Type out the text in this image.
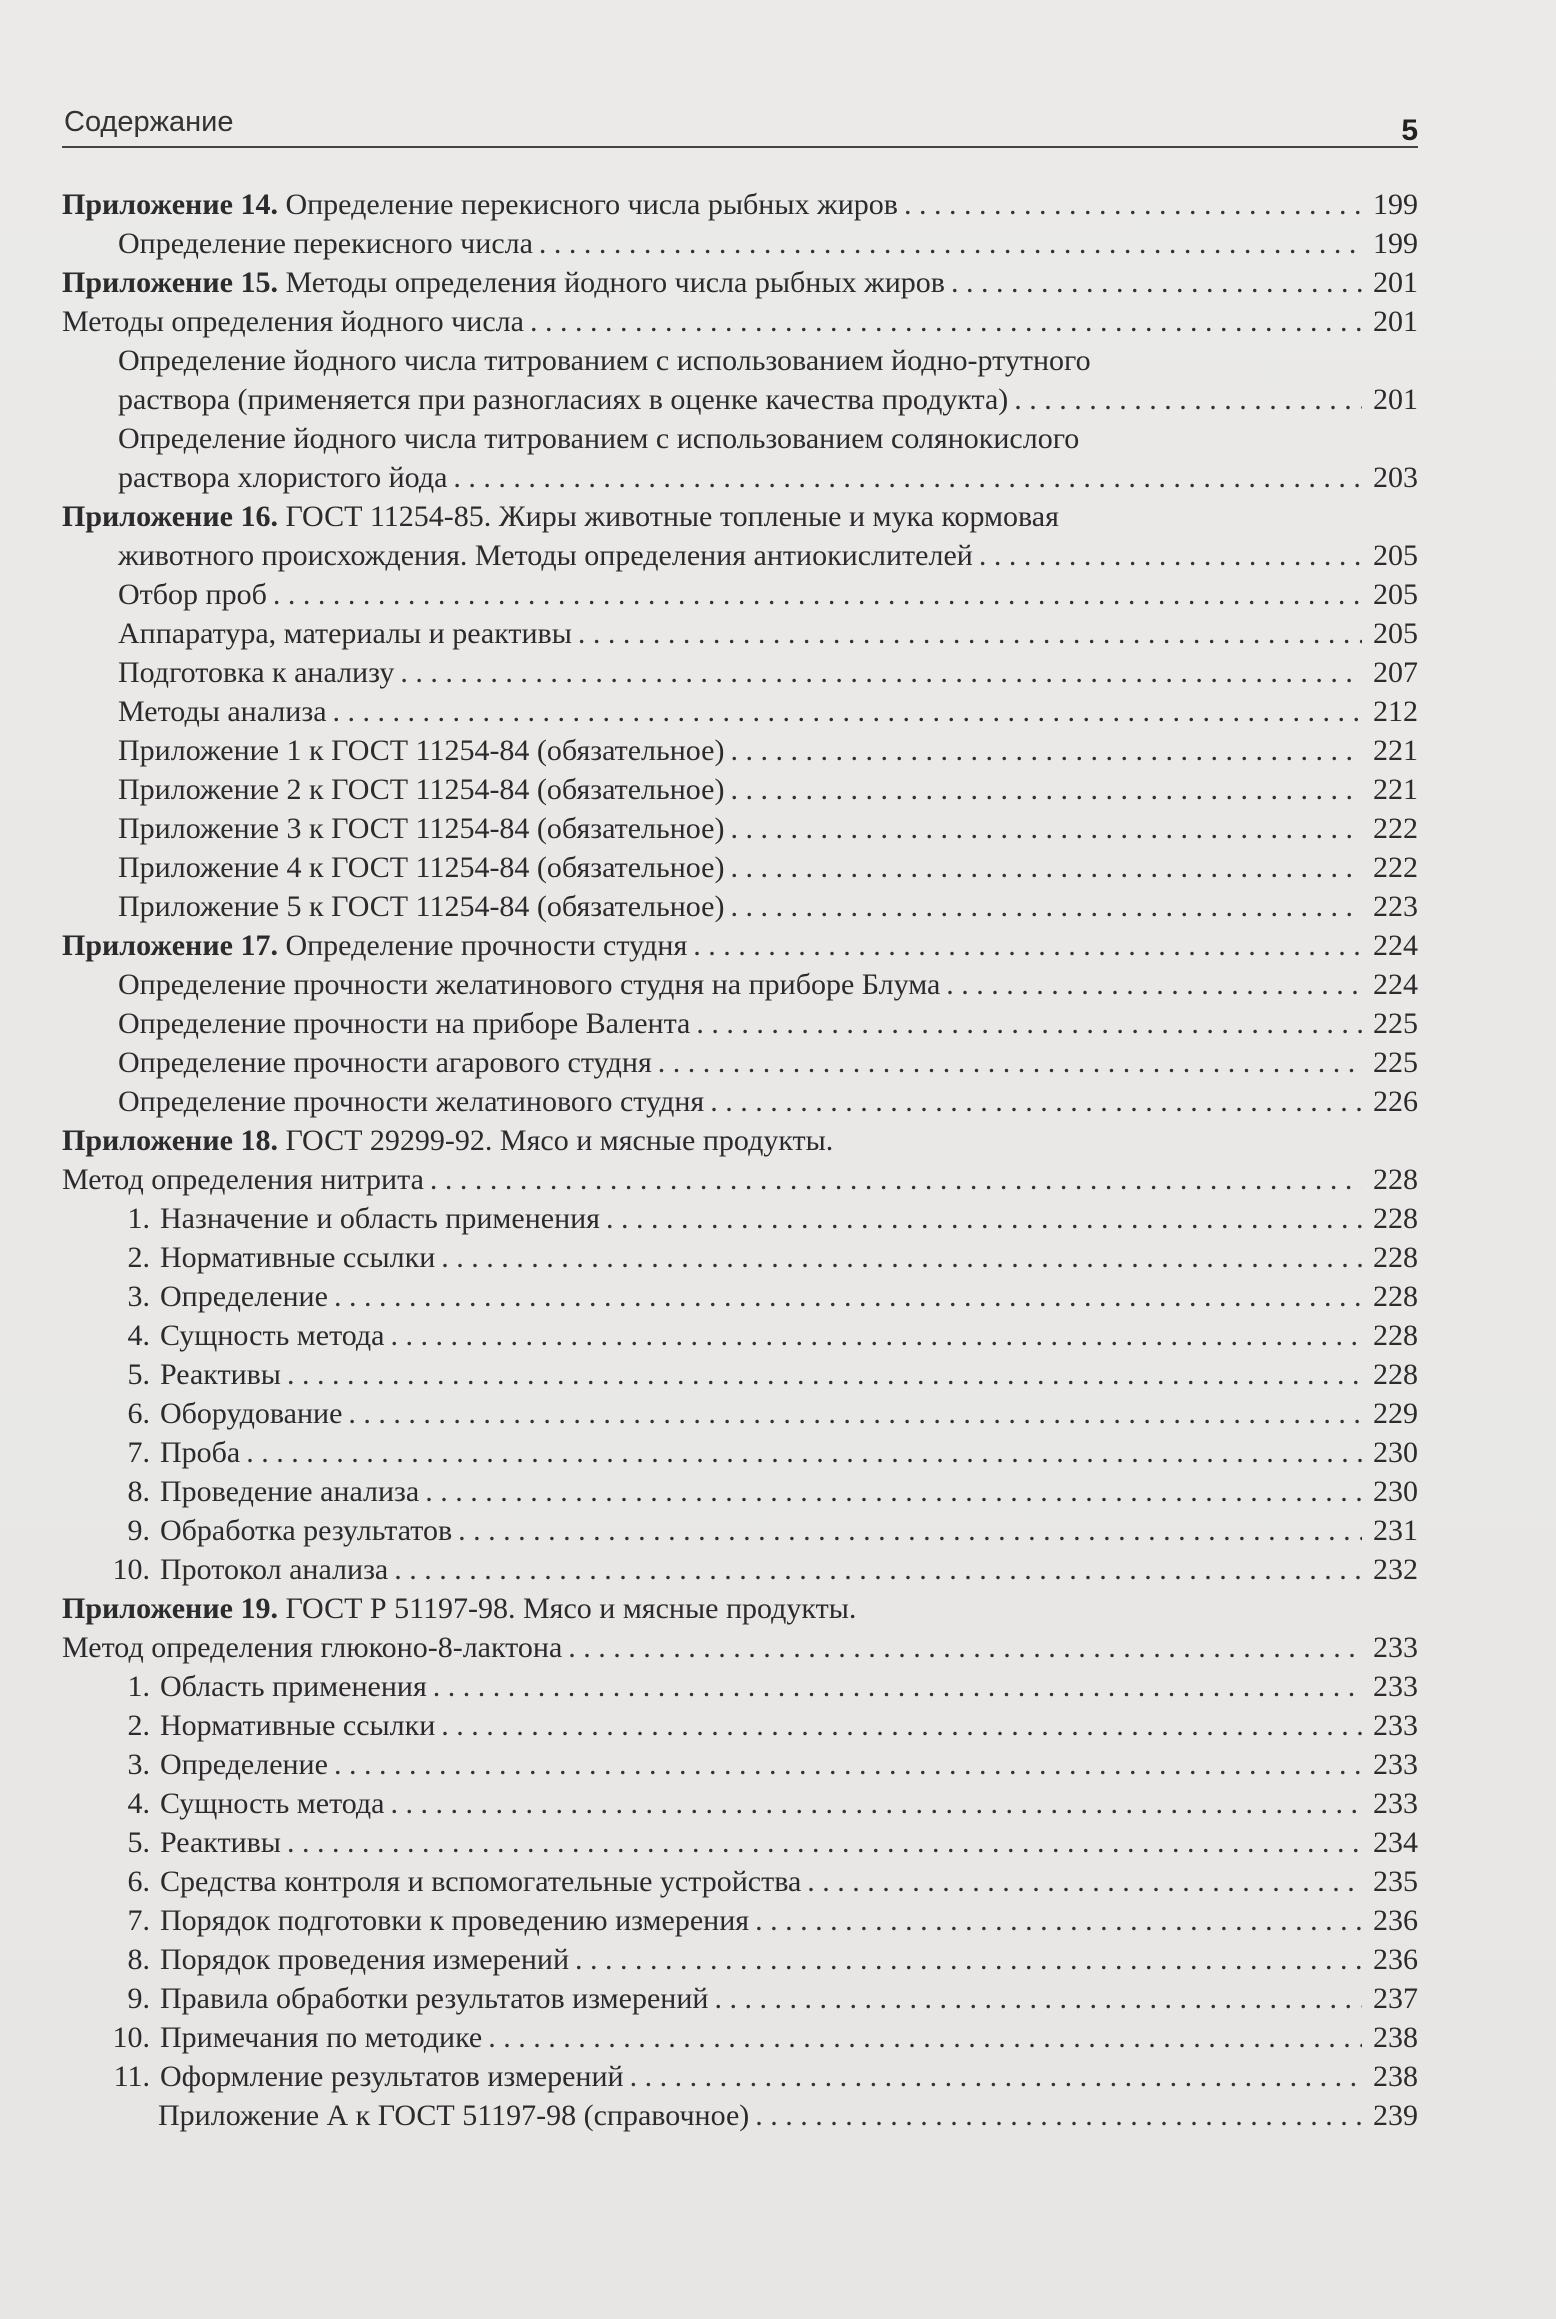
Содержание	5
Приложение 14. Определение перекисного числа рыбных жиров . . .	199
Определение перекисного числа . . .	199
Приложение 15. Методы определения йодного числа рыбных жиров . . .	201
Методы определения йодного числа . . .	201
Определение йодного числа титрованием с использованием йодно-ртутного
раствора (применяется при разногласиях в оценке качества продукта) . . .	201
Определение йодного числа титрованием с использованием солянокислого
раствора хлористого йода . . .	203
Приложение 16. ГОСТ 11254-85. Жиры животные топленые и мука кормовая
животного происхождения. Методы определения антиокислителей . . .	205
Отбор проб . . .	205
Аппаратура, материалы и реактивы . . .	205
Подготовка к анализу . . .	207
Методы анализа . . .	212
Приложение 1 к ГОСТ 11254-84 (обязательное) . . .	221
Приложение 2 к ГОСТ 11254-84 (обязательное) . . .	221
Приложение 3 к ГОСТ 11254-84 (обязательное) . . .	222
Приложение 4 к ГОСТ 11254-84 (обязательное) . . .	222
Приложение 5 к ГОСТ 11254-84 (обязательное) . . .	223
Приложение 17. Определение прочности студня . . .	224
Определение прочности желатинового студня на приборе Блума . . .	224
Определение прочности на приборе Валента . . .	225
Определение прочности агарового студня . . .	225
Определение прочности желатинового студня . . .	226
Приложение 18. ГОСТ 29299-92. Мясо и мясные продукты.
Метод определения нитрита . . .	228
1. Назначение и область применения . . .	228
2. Нормативные ссылки . . .	228
3. Определение . . .	228
4. Сущность метода . . .	228
5. Реактивы . . .	228
6. Оборудование . . .	229
7. Проба . . .	230
8. Проведение анализа . . .	230
9. Обработка результатов . . .	231
10. Протокол анализа . . .	232
Приложение 19. ГОСТ Р 51197-98. Мясо и мясные продукты.
Метод определения глюконо-8-лактона . . .	233
1. Область применения . . .	233
2. Нормативные ссылки . . .	233
3. Определение . . .	233
4. Сущность метода . . .	233
5. Реактивы . . .	234
6. Средства контроля и вспомогательные устройства . . .	235
7. Порядок подготовки к проведению измерения . . .	236
8. Порядок проведения измерений . . .	236
9. Правила обработки результатов измерений . . .	237
10. Примечания по методике . . .	238
11. Оформление результатов измерений . . .	238
Приложение А к ГОСТ 51197-98 (справочное) . . .	239
